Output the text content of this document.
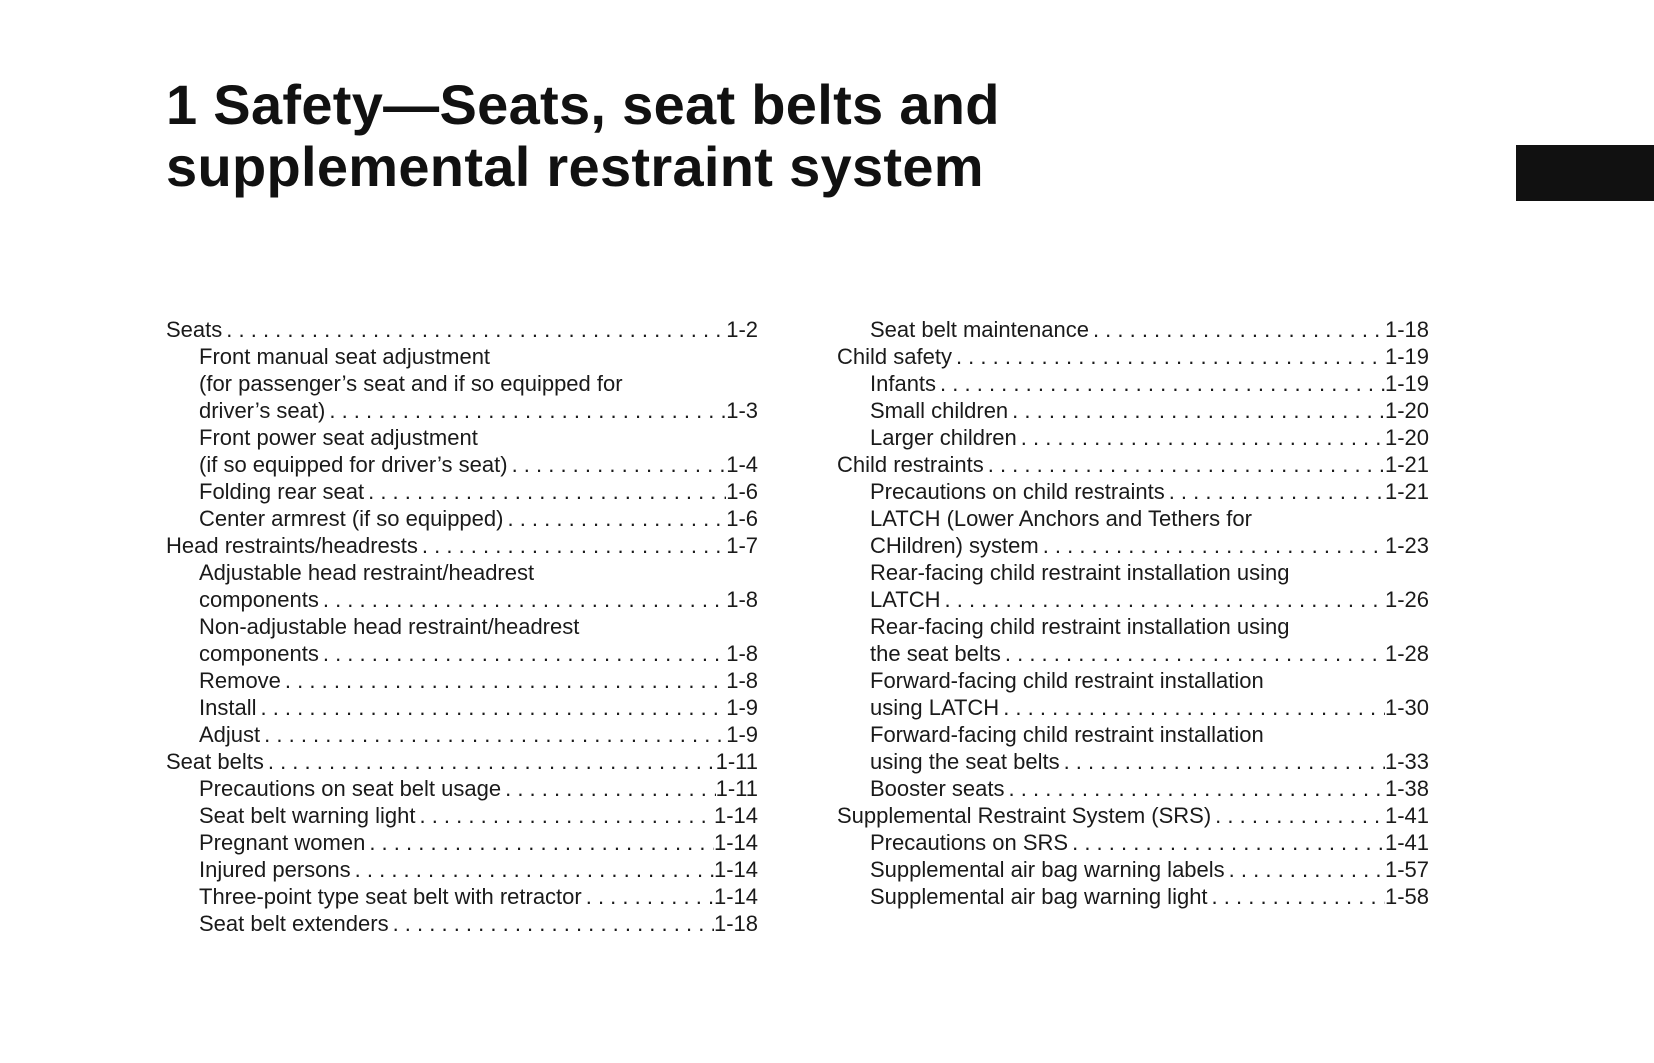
1 Safety—Seats, seat belts and
supplemental restraint system
Seats . . .	1-2
Front manual seat adjustment
(for passenger’s seat and if so equipped for
driver’s seat) . . .	1-3
Front power seat adjustment
(if so equipped for driver’s seat) . . .	1-4
Folding rear seat . . .	1-6
Center armrest (if so equipped) . . .	1-6
Head restraints/headrests . . .	1-7
Adjustable head restraint/headrest
components . . .	1-8
Non-adjustable head restraint/headrest
components . . .	1-8
Remove . . .	1-8
Install . . .	1-9
Adjust . . .	1-9
Seat belts . . .	1-11
Precautions on seat belt usage . . .	1-11
Seat belt warning light . . .	1-14
Pregnant women . . .	1-14
Injured persons . . .	1-14
Three-point type seat belt with retractor . . .	1-14
Seat belt extenders . . .	1-18
Seat belt maintenance . . .	1-18
Child safety . . .	1-19
Infants . . .	1-19
Small children . . .	1-20
Larger children . . .	1-20
Child restraints . . .	1-21
Precautions on child restraints . . .	1-21
LATCH (Lower Anchors and Tethers for
CHildren) system . . .	1-23
Rear-facing child restraint installation using
LATCH . . .	1-26
Rear-facing child restraint installation using
the seat belts . . .	1-28
Forward-facing child restraint installation
using LATCH . . .	1-30
Forward-facing child restraint installation
using the seat belts . . .	1-33
Booster seats . . .	1-38
Supplemental Restraint System (SRS) . . .	1-41
Precautions on SRS . . .	1-41
Supplemental air bag warning labels . . .	1-57
Supplemental air bag warning light . . .	1-58
